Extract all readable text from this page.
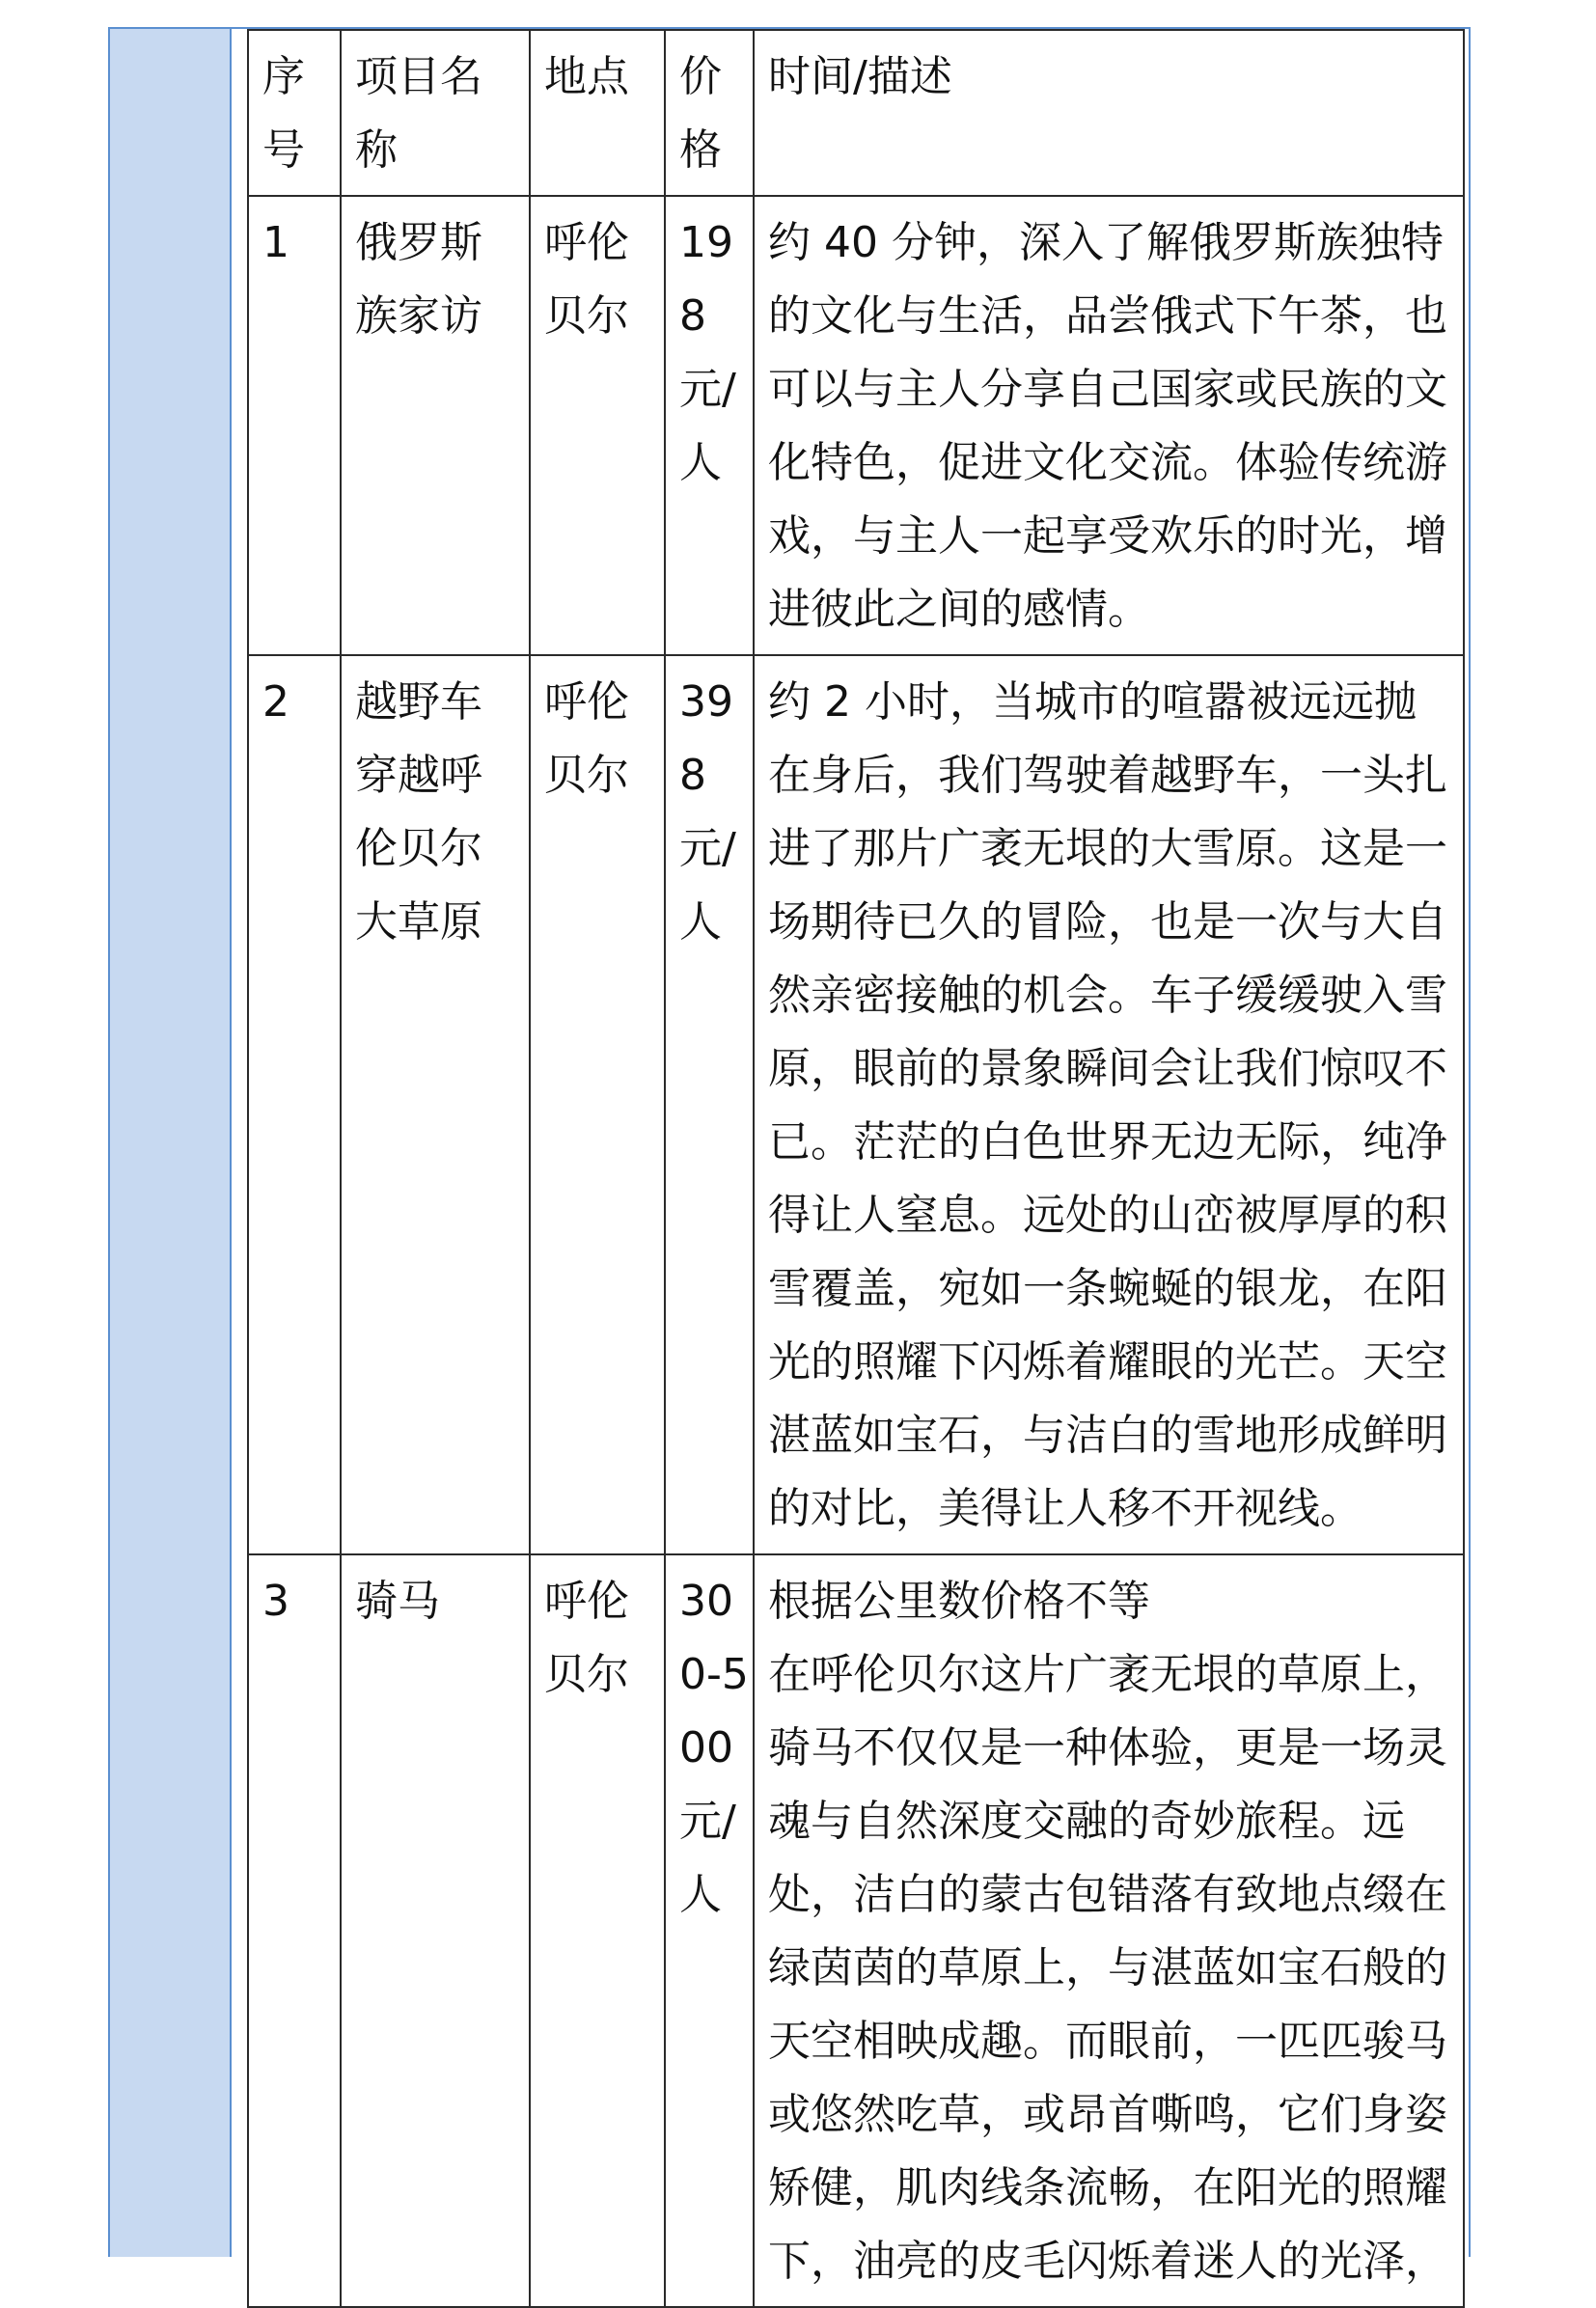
序号	项目名称	地点	价格	时间/描述
1	俄罗斯族家访	呼伦贝尔	198元/人	约 40 分钟，深入了解俄罗斯族独特的文化与生活，品尝俄式下午茶，也可以与主人分享自己国家或民族的文化特色，促进文化交流。体验传统游戏，与主人一起享受欢乐的时光，增进彼此之间的感情。

2	越野车穿越呼伦贝尔大草原	呼伦贝尔	398元/人	约 2 小时，当城市的喧嚣被远远抛在身后，我们驾驶着越野车，一头扎进了那片广袤无垠的大雪原。这是一场期待已久的冒险，也是一次与大自然亲密接触的机会。车子缓缓驶入雪原，眼前的景象瞬间会让我们惊叹不已。茫茫的白色世界无边无际，纯净得让人窒息。远处的山峦被厚厚的积雪覆盖，宛如一条蜿蜒的银龙，在阳光的照耀下闪烁着耀眼的光芒。天空湛蓝如宝石，与洁白的雪地形成鲜明的对比，美得让人移不开视线。

3	骑马	呼伦贝尔	300-500元/人	根据公里数价格不等
在呼伦贝尔这片广袤无垠的草原上，骑马不仅仅是一种体验，更是一场灵魂与自然深度交融的奇妙旅程。远处，洁白的蒙古包错落有致地点缀在绿茵茵的草原上，与湛蓝如宝石般的天空相映成趣。而眼前，一匹匹骏马或悠然吃草，或昂首嘶鸣，它们身姿矫健，肌肉线条流畅，在阳光的照耀下，油亮的皮毛闪烁着迷人的光泽，
